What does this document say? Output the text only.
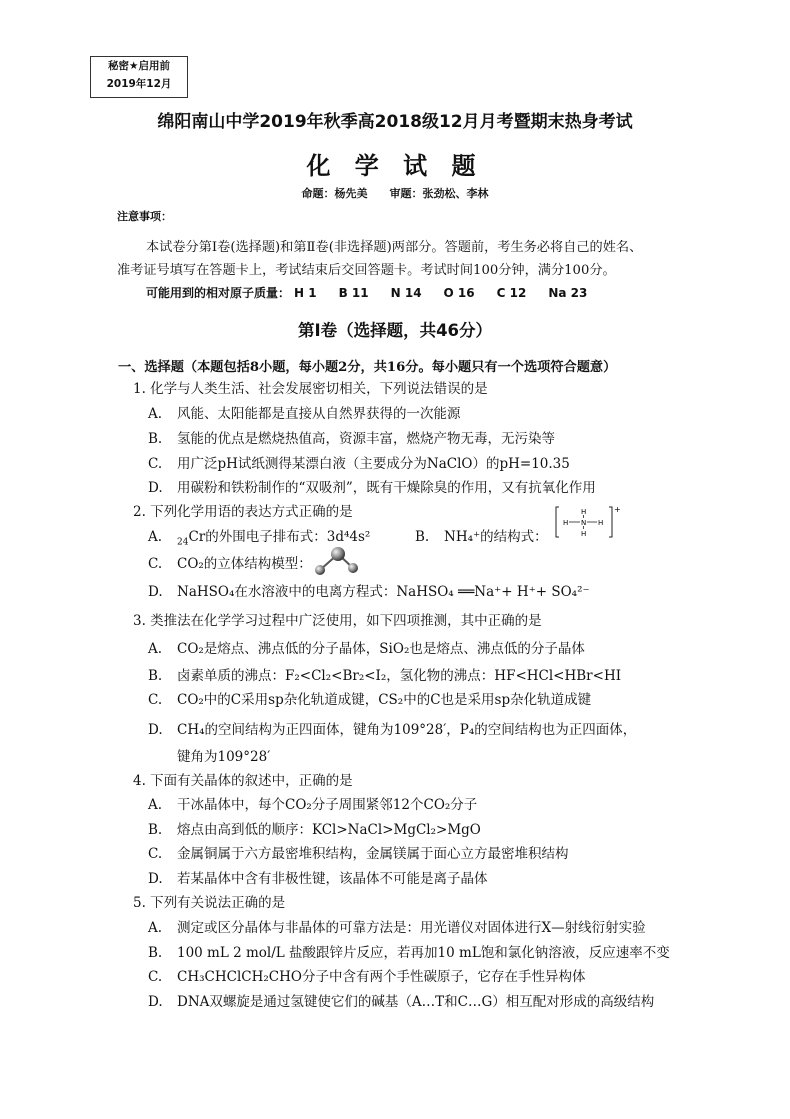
秘密★启用前
2019年12月
绵阳南山中学2019年秋季高2018级12月月考暨期末热身考试
化 学 试 题
命题：杨先美　　审题：张劲松、李林
注意事项：
本试卷分第Ⅰ卷(选择题)和第Ⅱ卷(非选择题)两部分。答题前，考生务必将自己的姓名、
准考证号填写在答题卡上，考试结束后交回答题卡。考试时间100分钟，满分100分。
可能用到的相对原子质量： H 1 B 11 N 14 O 16 C 12 Na 23
第Ⅰ卷（选择题，共46分）
一、选择题（本题包括8小题，每小题2分，共16分。每小题只有一个选项符合题意）
1. 化学与人类生活、社会发展密切相关，下列说法错误的是
A. 风能、太阳能都是直接从自然界获得的一次能源
B. 氢能的优点是燃烧热值高，资源丰富，燃烧产物无毒，无污染等
C. 用广泛pH试纸测得某漂白液（主要成分为NaClO）的pH=10.35
D. 用碳粉和铁粉制作的“双吸剂”，既有干燥除臭的作用，又有抗氧化作用
2. 下列化学用语的表达方式正确的是
A. $_{24}$Cr的外围电子排布式：3d⁴4s²	B. NH₄⁺的结构式：
H
H N H
H
+
C. CO₂的立体结构模型：
D. NaHSO₄在水溶液中的电离方程式：NaHSO₄ ══Na⁺+ H⁺+ SO₄²⁻
3. 类推法在化学学习过程中广泛使用，如下四项推测，其中正确的是
A. CO₂是熔点、沸点低的分子晶体，SiO₂也是熔点、沸点低的分子晶体
B. 卤素单质的沸点：F₂<Cl₂<Br₂<I₂，氢化物的沸点：HF<HCl<HBr<HI
C. CO₂中的C采用sp杂化轨道成键，CS₂中的C也是采用sp杂化轨道成键
D. CH₄的空间结构为正四面体，键角为109°28′，P₄的空间结构也为正四面体，
键角为109°28′
4. 下面有关晶体的叙述中，正确的是
A. 干冰晶体中，每个CO₂分子周围紧邻12个CO₂分子
B. 熔点由高到低的顺序：KCl>NaCl>MgCl₂>MgO
C. 金属铜属于六方最密堆积结构，金属镁属于面心立方最密堆积结构
D. 若某晶体中含有非极性键，该晶体不可能是离子晶体
5. 下列有关说法正确的是
A. 测定或区分晶体与非晶体的可靠方法是：用光谱仪对固体进行X—射线衍射实验
B. 100 mL 2 mol/L 盐酸跟锌片反应，若再加10 mL饱和氯化钠溶液，反应速率不变
C. CH₃CHClCH₂CHO分子中含有两个手性碳原子，它存在手性异构体
D. DNA双螺旋是通过氢键使它们的碱基（A…T和C…G）相互配对形成的高级结构
